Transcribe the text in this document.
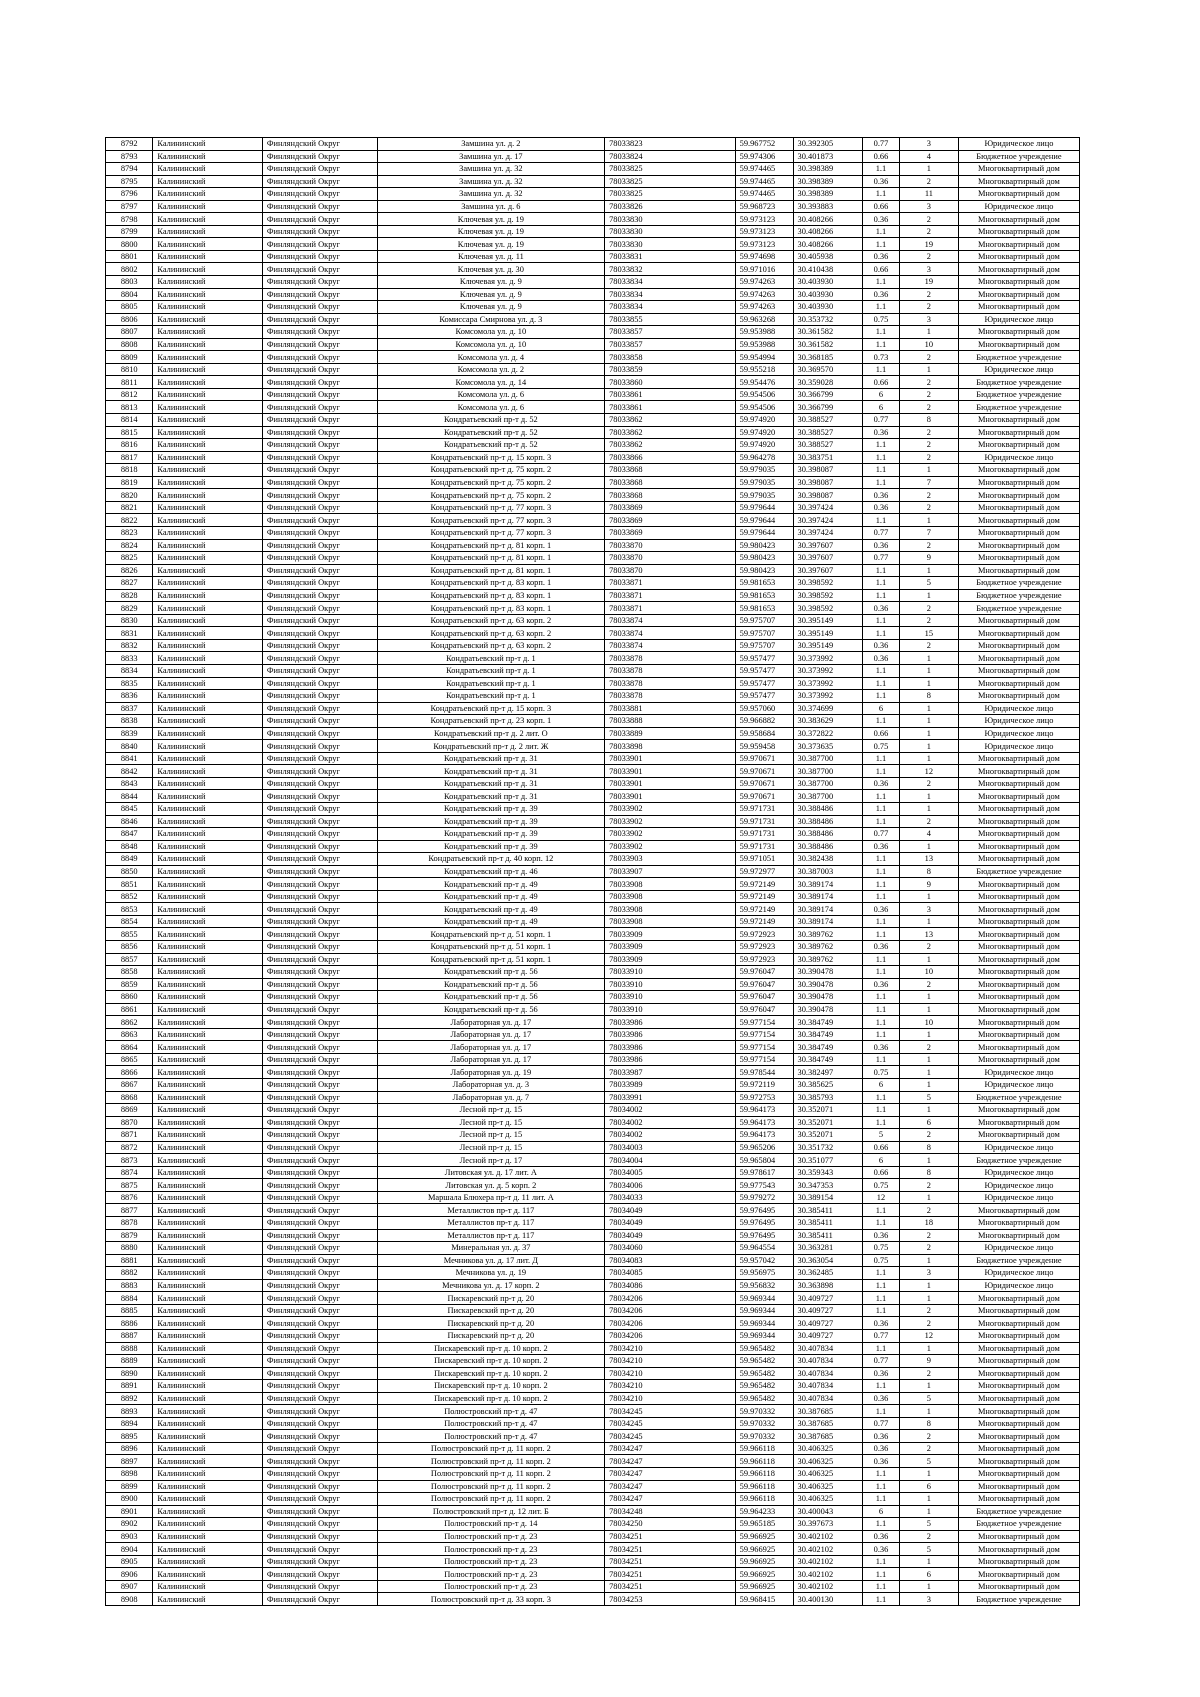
8792	Калининский	Финляндский Округ	Замшина ул. д. 2	78033823	59.967752	30.392305	0.77	3	Юридическое лицо
8793	Калининский	Финляндский Округ	Замшина ул. д. 17	78033824	59.974306	30.401873	0.66	4	Бюджетное учреждение
8794	Калининский	Финляндский Округ	Замшина ул. д. 32	78033825	59.974465	30.398389	1.1	1	Многоквартирный дом
8795	Калининский	Финляндский Округ	Замшина ул. д. 32	78033825	59.974465	30.398389	0.36	2	Многоквартирный дом
8796	Калининский	Финляндский Округ	Замшина ул. д. 32	78033825	59.974465	30.398389	1.1	11	Многоквартирный дом
8797	Калининский	Финляндский Округ	Замшина ул. д. 6	78033826	59.968723	30.393883	0.66	3	Юридическое лицо
8798	Калининский	Финляндский Округ	Ключевая ул. д. 19	78033830	59.973123	30.408266	0.36	2	Многоквартирный дом
8799	Калининский	Финляндский Округ	Ключевая ул. д. 19	78033830	59.973123	30.408266	1.1	2	Многоквартирный дом
8800	Калининский	Финляндский Округ	Ключевая ул. д. 19	78033830	59.973123	30.408266	1.1	19	Многоквартирный дом
8801	Калининский	Финляндский Округ	Ключевая ул. д. 11	78033831	59.974698	30.405938	0.36	2	Многоквартирный дом
8802	Калининский	Финляндский Округ	Ключевая ул. д. 30	78033832	59.971016	30.410438	0.66	3	Многоквартирный дом
8803	Калининский	Финляндский Округ	Ключевая ул. д. 9	78033834	59.974263	30.403930	1.1	19	Многоквартирный дом
8804	Калининский	Финляндский Округ	Ключевая ул. д. 9	78033834	59.974263	30.403930	0.36	2	Многоквартирный дом
8805	Калининский	Финляндский Округ	Ключевая ул. д. 9	78033834	59.974263	30.403930	1.1	2	Многоквартирный дом
8806	Калининский	Финляндский Округ	Комиссара Смирнова ул. д. 3	78033855	59.963268	30.353732	0.75	3	Юридическое лицо
8807	Калининский	Финляндский Округ	Комсомола ул. д. 10	78033857	59.953988	30.361582	1.1	1	Многоквартирный дом
8808	Калининский	Финляндский Округ	Комсомола ул. д. 10	78033857	59.953988	30.361582	1.1	10	Многоквартирный дом
8809	Калининский	Финляндский Округ	Комсомола ул. д. 4	78033858	59.954994	30.368185	0.73	2	Бюджетное учреждение
8810	Калининский	Финляндский Округ	Комсомола ул. д. 2	78033859	59.955218	30.369570	1.1	1	Юридическое лицо
8811	Калининский	Финляндский Округ	Комсомола ул. д. 14	78033860	59.954476	30.359028	0.66	2	Бюджетное учреждение
8812	Калининский	Финляндский Округ	Комсомола ул. д. 6	78033861	59.954506	30.366799	6	2	Бюджетное учреждение
8813	Калининский	Финляндский Округ	Комсомола ул. д. 6	78033861	59.954506	30.366799	6	2	Бюджетное учреждение
8814	Калининский	Финляндский Округ	Кондратьевский пр-т д. 52	78033862	59.974920	30.388527	0.77	8	Многоквартирный дом
8815	Калининский	Финляндский Округ	Кондратьевский пр-т д. 52	78033862	59.974920	30.388527	0.36	2	Многоквартирный дом
8816	Калининский	Финляндский Округ	Кондратьевский пр-т д. 52	78033862	59.974920	30.388527	1.1	2	Многоквартирный дом
8817	Калининский	Финляндский Округ	Кондратьевский пр-т д. 15 корп. 3	78033866	59.964278	30.383751	1.1	2	Юридическое лицо
8818	Калининский	Финляндский Округ	Кондратьевский пр-т д. 75 корп. 2	78033868	59.979035	30.398087	1.1	1	Многоквартирный дом
8819	Калининский	Финляндский Округ	Кондратьевский пр-т д. 75 корп. 2	78033868	59.979035	30.398087	1.1	7	Многоквартирный дом
8820	Калининский	Финляндский Округ	Кондратьевский пр-т д. 75 корп. 2	78033868	59.979035	30.398087	0.36	2	Многоквартирный дом
8821	Калининский	Финляндский Округ	Кондратьевский пр-т д. 77 корп. 3	78033869	59.979644	30.397424	0.36	2	Многоквартирный дом
8822	Калининский	Финляндский Округ	Кондратьевский пр-т д. 77 корп. 3	78033869	59.979644	30.397424	1.1	1	Многоквартирный дом
8823	Калининский	Финляндский Округ	Кондратьевский пр-т д. 77 корп. 3	78033869	59.979644	30.397424	0.77	7	Многоквартирный дом
8824	Калининский	Финляндский Округ	Кондратьевский пр-т д. 81 корп. 1	78033870	59.980423	30.397607	0.36	2	Многоквартирный дом
8825	Калининский	Финляндский Округ	Кондратьевский пр-т д. 81 корп. 1	78033870	59.980423	30.397607	0.77	9	Многоквартирный дом
8826	Калининский	Финляндский Округ	Кондратьевский пр-т д. 81 корп. 1	78033870	59.980423	30.397607	1.1	1	Многоквартирный дом
8827	Калининский	Финляндский Округ	Кондратьевский пр-т д. 83 корп. 1	78033871	59.981653	30.398592	1.1	5	Бюджетное учреждение
8828	Калининский	Финляндский Округ	Кондратьевский пр-т д. 83 корп. 1	78033871	59.981653	30.398592	1.1	1	Бюджетное учреждение
8829	Калининский	Финляндский Округ	Кондратьевский пр-т д. 83 корп. 1	78033871	59.981653	30.398592	0.36	2	Бюджетное учреждение
8830	Калининский	Финляндский Округ	Кондратьевский пр-т д. 63 корп. 2	78033874	59.975707	30.395149	1.1	2	Многоквартирный дом
8831	Калининский	Финляндский Округ	Кондратьевский пр-т д. 63 корп. 2	78033874	59.975707	30.395149	1.1	15	Многоквартирный дом
8832	Калининский	Финляндский Округ	Кондратьевский пр-т д. 63 корп. 2	78033874	59.975707	30.395149	0.36	2	Многоквартирный дом
8833	Калининский	Финляндский Округ	Кондратьевский пр-т д. 1	78033878	59.957477	30.373992	0.36	1	Многоквартирный дом
8834	Калининский	Финляндский Округ	Кондратьевский пр-т д. 1	78033878	59.957477	30.373992	1.1	1	Многоквартирный дом
8835	Калининский	Финляндский Округ	Кондратьевский пр-т д. 1	78033878	59.957477	30.373992	1.1	1	Многоквартирный дом
8836	Калининский	Финляндский Округ	Кондратьевский пр-т д. 1	78033878	59.957477	30.373992	1.1	8	Многоквартирный дом
8837	Калининский	Финляндский Округ	Кондратьевский пр-т д. 15 корп. 3	78033881	59.957060	30.374699	6	1	Юридическое лицо
8838	Калининский	Финляндский Округ	Кондратьевский пр-т д. 23 корп. 1	78033888	59.966882	30.383629	1.1	1	Юридическое лицо
8839	Калининский	Финляндский Округ	Кондратьевский пр-т д. 2 лит. О	78033889	59.958684	30.372822	0.66	1	Юридическое лицо
8840	Калининский	Финляндский Округ	Кондратьевский пр-т д. 2 лит. Ж	78033898	59.959458	30.373635	0.75	1	Юридическое лицо
8841	Калининский	Финляндский Округ	Кондратьевский пр-т д. 31	78033901	59.970671	30.387700	1.1	1	Многоквартирный дом
8842	Калининский	Финляндский Округ	Кондратьевский пр-т д. 31	78033901	59.970671	30.387700	1.1	12	Многоквартирный дом
8843	Калининский	Финляндский Округ	Кондратьевский пр-т д. 31	78033901	59.970671	30.387700	0.36	2	Многоквартирный дом
8844	Калининский	Финляндский Округ	Кондратьевский пр-т д. 31	78033901	59.970671	30.387700	1.1	1	Многоквартирный дом
8845	Калининский	Финляндский Округ	Кондратьевский пр-т д. 39	78033902	59.971731	30.388486	1.1	1	Многоквартирный дом
8846	Калининский	Финляндский Округ	Кондратьевский пр-т д. 39	78033902	59.971731	30.388486	1.1	2	Многоквартирный дом
8847	Калининский	Финляндский Округ	Кондратьевский пр-т д. 39	78033902	59.971731	30.388486	0.77	4	Многоквартирный дом
8848	Калининский	Финляндский Округ	Кондратьевский пр-т д. 39	78033902	59.971731	30.388486	0.36	1	Многоквартирный дом
8849	Калининский	Финляндский Округ	Кондратьевский пр-т д. 40 корп. 12	78033903	59.971051	30.382438	1.1	13	Многоквартирный дом
8850	Калининский	Финляндский Округ	Кондратьевский пр-т д. 46	78033907	59.972977	30.387003	1.1	8	Бюджетное учреждение
8851	Калининский	Финляндский Округ	Кондратьевский пр-т д. 49	78033908	59.972149	30.389174	1.1	9	Многоквартирный дом
8852	Калининский	Финляндский Округ	Кондратьевский пр-т д. 49	78033908	59.972149	30.389174	1.1	1	Многоквартирный дом
8853	Калининский	Финляндский Округ	Кондратьевский пр-т д. 49	78033908	59.972149	30.389174	0.36	3	Многоквартирный дом
8854	Калининский	Финляндский Округ	Кондратьевский пр-т д. 49	78033908	59.972149	30.389174	1.1	1	Многоквартирный дом
8855	Калининский	Финляндский Округ	Кондратьевский пр-т д. 51 корп. 1	78033909	59.972923	30.389762	1.1	13	Многоквартирный дом
8856	Калининский	Финляндский Округ	Кондратьевский пр-т д. 51 корп. 1	78033909	59.972923	30.389762	0.36	2	Многоквартирный дом
8857	Калининский	Финляндский Округ	Кондратьевский пр-т д. 51 корп. 1	78033909	59.972923	30.389762	1.1	1	Многоквартирный дом
8858	Калининский	Финляндский Округ	Кондратьевский пр-т д. 56	78033910	59.976047	30.390478	1.1	10	Многоквартирный дом
8859	Калининский	Финляндский Округ	Кондратьевский пр-т д. 56	78033910	59.976047	30.390478	0.36	2	Многоквартирный дом
8860	Калининский	Финляндский Округ	Кондратьевский пр-т д. 56	78033910	59.976047	30.390478	1.1	1	Многоквартирный дом
8861	Калининский	Финляндский Округ	Кондратьевский пр-т д. 56	78033910	59.976047	30.390478	1.1	1	Многоквартирный дом
8862	Калининский	Финляндский Округ	Лабораторная ул. д. 17	78033986	59.977154	30.384749	1.1	10	Многоквартирный дом
8863	Калининский	Финляндский Округ	Лабораторная ул. д. 17	78033986	59.977154	30.384749	1.1	1	Многоквартирный дом
8864	Калининский	Финляндский Округ	Лабораторная ул. д. 17	78033986	59.977154	30.384749	0.36	2	Многоквартирный дом
8865	Калининский	Финляндский Округ	Лабораторная ул. д. 17	78033986	59.977154	30.384749	1.1	1	Многоквартирный дом
8866	Калининский	Финляндский Округ	Лабораторная ул. д. 19	78033987	59.978544	30.382497	0.75	1	Юридическое лицо
8867	Калининский	Финляндский Округ	Лабораторная ул. д. 3	78033989	59.972119	30.385625	6	1	Юридическое лицо
8868	Калининский	Финляндский Округ	Лабораторная ул. д. 7	78033991	59.972753	30.385793	1.1	5	Бюджетное учреждение
8869	Калининский	Финляндский Округ	Лесной пр-т д. 15	78034002	59.964173	30.352071	1.1	1	Многоквартирный дом
8870	Калининский	Финляндский Округ	Лесной пр-т д. 15	78034002	59.964173	30.352071	1.1	6	Многоквартирный дом
8871	Калининский	Финляндский Округ	Лесной пр-т д. 15	78034002	59.964173	30.352071	5	2	Многоквартирный дом
8872	Калининский	Финляндский Округ	Лесной пр-т д. 15	78034003	59.965206	30.351732	0.66	8	Юридическое лицо
8873	Калининский	Финляндский Округ	Лесной пр-т д. 17	78034004	59.965804	30.351077	6	1	Бюджетное учреждение
8874	Калининский	Финляндский Округ	Литовская ул. д. 17 лит. А	78034005	59.978617	30.359343	0.66	8	Юридическое лицо
8875	Калининский	Финляндский Округ	Литовская ул. д. 5 корп. 2	78034006	59.977543	30.347353	0.75	2	Юридическое лицо
8876	Калининский	Финляндский Округ	Маршала Блюхера пр-т д. 11 лит. А	78034033	59.979272	30.389154	12	1	Юридическое лицо
8877	Калининский	Финляндский Округ	Металлистов пр-т д. 117	78034049	59.976495	30.385411	1.1	2	Многоквартирный дом
8878	Калининский	Финляндский Округ	Металлистов пр-т д. 117	78034049	59.976495	30.385411	1.1	18	Многоквартирный дом
8879	Калининский	Финляндский Округ	Металлистов пр-т д. 117	78034049	59.976495	30.385411	0.36	2	Многоквартирный дом
8880	Калининский	Финляндский Округ	Минеральная ул. д. 37	78034060	59.964554	30.363281	0.75	2	Юридическое лицо
8881	Калининский	Финляндский Округ	Мечникова ул. д. 17 лит. Д	78034083	59.957042	30.363054	0.75	1	Бюджетное учреждение
8882	Калининский	Финляндский Округ	Мечникова ул. д. 19	78034085	59.956975	30.362485	1.1	3	Юридическое лицо
8883	Калининский	Финляндский Округ	Мечникова ул. д. 17 корп. 2	78034086	59.956832	30.363898	1.1	1	Юридическое лицо
8884	Калининский	Финляндский Округ	Пискаревский пр-т д. 20	78034206	59.969344	30.409727	1.1	1	Многоквартирный дом
8885	Калининский	Финляндский Округ	Пискаревский пр-т д. 20	78034206	59.969344	30.409727	1.1	2	Многоквартирный дом
8886	Калининский	Финляндский Округ	Пискаревский пр-т д. 20	78034206	59.969344	30.409727	0.36	2	Многоквартирный дом
8887	Калининский	Финляндский Округ	Пискаревский пр-т д. 20	78034206	59.969344	30.409727	0.77	12	Многоквартирный дом
8888	Калининский	Финляндский Округ	Пискаревский пр-т д. 10 корп. 2	78034210	59.965482	30.407834	1.1	1	Многоквартирный дом
8889	Калининский	Финляндский Округ	Пискаревский пр-т д. 10 корп. 2	78034210	59.965482	30.407834	0.77	9	Многоквартирный дом
8890	Калининский	Финляндский Округ	Пискаревский пр-т д. 10 корп. 2	78034210	59.965482	30.407834	0.36	2	Многоквартирный дом
8891	Калининский	Финляндский Округ	Пискаревский пр-т д. 10 корп. 2	78034210	59.965482	30.407834	1.1	1	Многоквартирный дом
8892	Калининский	Финляндский Округ	Пискаревский пр-т д. 10 корп. 2	78034210	59.965482	30.407834	0.36	5	Многоквартирный дом
8893	Калининский	Финляндский Округ	Полюстровский пр-т д. 47	78034245	59.970332	30.387685	1.1	1	Многоквартирный дом
8894	Калининский	Финляндский Округ	Полюстровский пр-т д. 47	78034245	59.970332	30.387685	0.77	8	Многоквартирный дом
8895	Калининский	Финляндский Округ	Полюстровский пр-т д. 47	78034245	59.970332	30.387685	0.36	2	Многоквартирный дом
8896	Калининский	Финляндский Округ	Полюстровский пр-т д. 11 корп. 2	78034247	59.966118	30.406325	0.36	2	Многоквартирный дом
8897	Калининский	Финляндский Округ	Полюстровский пр-т д. 11 корп. 2	78034247	59.966118	30.406325	0.36	5	Многоквартирный дом
8898	Калининский	Финляндский Округ	Полюстровский пр-т д. 11 корп. 2	78034247	59.966118	30.406325	1.1	1	Многоквартирный дом
8899	Калининский	Финляндский Округ	Полюстровский пр-т д. 11 корп. 2	78034247	59.966118	30.406325	1.1	6	Многоквартирный дом
8900	Калининский	Финляндский Округ	Полюстровский пр-т д. 11 корп. 2	78034247	59.966118	30.406325	1.1	1	Многоквартирный дом
8901	Калининский	Финляндский Округ	Полюстровский пр-т д. 12 лит. Б	78034248	59.964233	30.400043	6	1	Бюджетное учреждение
8902	Калининский	Финляндский Округ	Полюстровский пр-т д. 14	78034250	59.965185	30.397673	1.1	5	Бюджетное учреждение
8903	Калининский	Финляндский Округ	Полюстровский пр-т д. 23	78034251	59.966925	30.402102	0.36	2	Многоквартирный дом
8904	Калининский	Финляндский Округ	Полюстровский пр-т д. 23	78034251	59.966925	30.402102	0.36	5	Многоквартирный дом
8905	Калининский	Финляндский Округ	Полюстровский пр-т д. 23	78034251	59.966925	30.402102	1.1	1	Многоквартирный дом
8906	Калининский	Финляндский Округ	Полюстровский пр-т д. 23	78034251	59.966925	30.402102	1.1	6	Многоквартирный дом
8907	Калининский	Финляндский Округ	Полюстровский пр-т д. 23	78034251	59.966925	30.402102	1.1	1	Многоквартирный дом
8908	Калининский	Финляндский Округ	Полюстровский пр-т д. 33 корп. 3	78034253	59.968415	30.400130	1.1	3	Бюджетное учреждение
